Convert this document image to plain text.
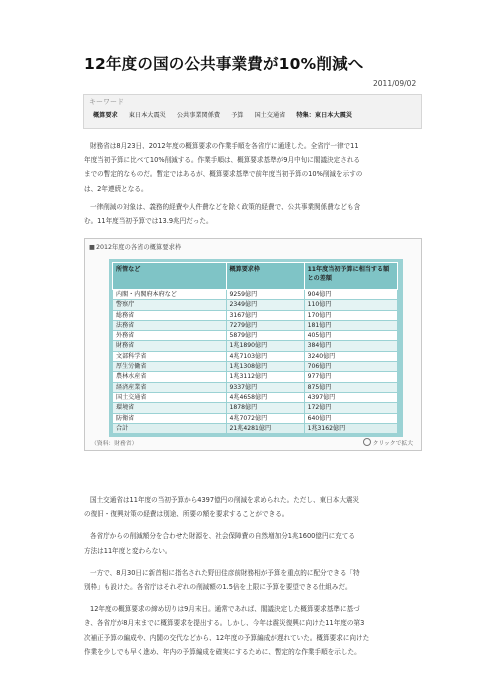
12年度の国の公共事業費が10%削減へ
2011/09/02
キーワード
概算要求 東日本大震災 公共事業関係費 予算 国土交通省 特集：東日本大震災

財務省は8月23日、2012年度の概算要求の作業手順を各省庁に通達した。全省庁一律で11

年度当初予算に比べて10%削減する。作業手順は、概算要求基準が9月中旬に閣議決定される

までの暫定的なものだ。暫定ではあるが、概算要求基準で前年度当初予算の10%削減を示すの

は、2年連続となる。

一律削減の対象は、義務的経費や人件費などを除く政策的経費で、公共事業関係費なども含

む。11年度当初予算では13.9兆円だった。

■ 2012年度の各省の概算要求枠
所管など	概算要求枠	11年度当初予算に相当する額との差額
内閣・内閣府本府など	9259億円	904億円
警察庁	2349億円	110億円
総務省	3167億円	170億円
法務省	7279億円	181億円
外務省	5879億円	405億円
財務省	1兆1890億円	384億円
文部科学省	4兆7103億円	3240億円
厚生労働省	1兆1308億円	706億円
農林水産省	1兆3112億円	977億円
経済産業省	9337億円	875億円
国土交通省	4兆4658億円	4397億円
環境省	1878億円	172億円
防衛省	4兆7072億円	640億円
合計	21兆4281億円	1兆3162億円
（資料：財務省）	クリックで拡大

国土交通省は11年度の当初予算から4397億円の削減を求められた。ただし、東日本大震災

の復旧・復興対策の経費は別途、所要の額を要求することができる。

各省庁からの削減額分を合わせた財源を、社会保障費の自然増加分1兆1600億円に充てる

方法は11年度と変わらない。

一方で、8月30日に新首相に指名された野田佳彦前財務相が予算を重点的に配分できる「特

別枠」も設けた。各省庁はそれぞれの削減額の1.5倍を上限に予算を要望できる仕組みだ。

12年度の概算要求の締め切りは9月末日。通常であれば、閣議決定した概算要求基準に基づ

き、各省庁が8月末までに概算要求を提出する。しかし、今年は震災復興に向けた11年度の第3

次補正予算の編成や、内閣の交代などから、12年度の予算編成が遅れていた。概算要求に向けた

作業を少しでも早く進め、年内の予算編成を確実にするために、暫定的な作業手順を示した。
